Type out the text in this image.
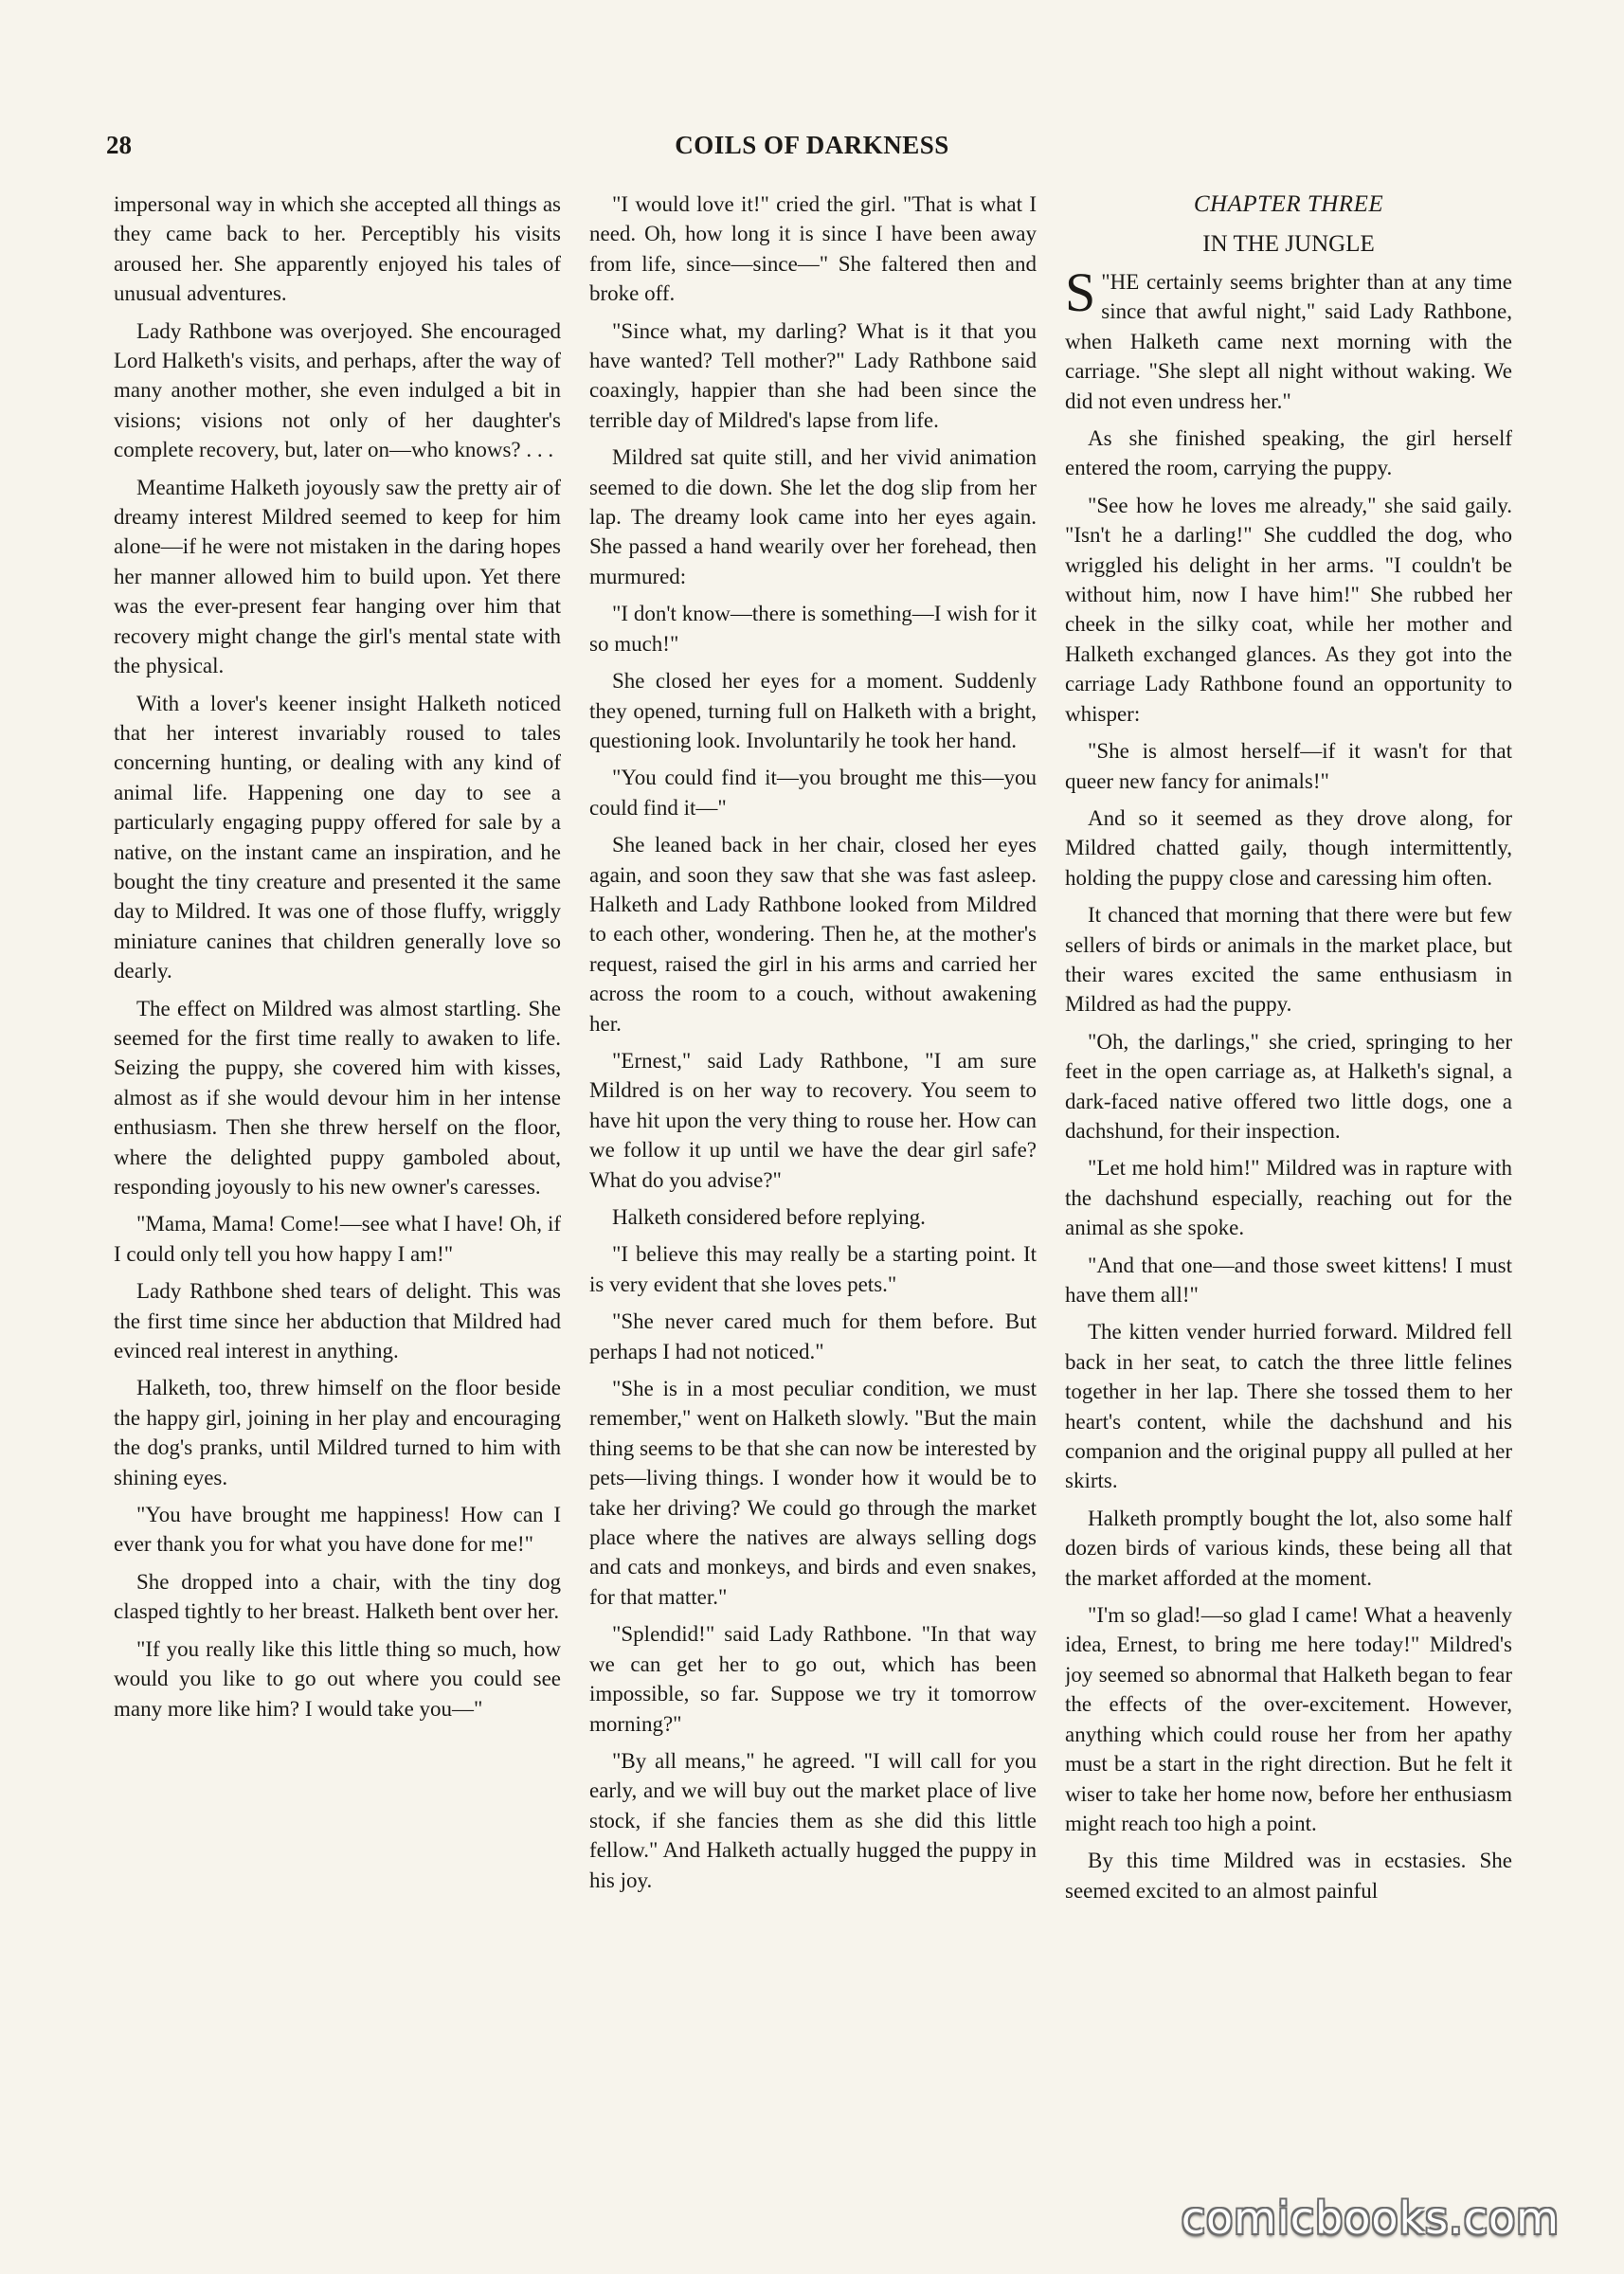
28	COILS OF DARKNESS

impersonal way in which she accepted all things as they came back to her. Perceptibly his visits aroused her. She apparently enjoyed his tales of unusual adventures.

Lady Rathbone was overjoyed. She encouraged Lord Halketh's visits, and perhaps, after the way of many another mother, she even indulged a bit in visions; visions not only of her daughter's complete recovery, but, later on—who knows? . . .

Meantime Halketh joyously saw the pretty air of dreamy interest Mildred seemed to keep for him alone—if he were not mistaken in the daring hopes her manner allowed him to build upon. Yet there was the ever-present fear hanging over him that recovery might change the girl's mental state with the physical.

With a lover's keener insight Halketh noticed that her interest invariably roused to tales concerning hunting, or dealing with any kind of animal life. Happening one day to see a particularly engaging puppy offered for sale by a native, on the instant came an inspiration, and he bought the tiny creature and presented it the same day to Mildred. It was one of those fluffy, wriggly miniature canines that children generally love so dearly.

The effect on Mildred was almost startling. She seemed for the first time really to awaken to life. Seizing the puppy, she covered him with kisses, almost as if she would devour him in her intense enthusiasm. Then she threw herself on the floor, where the delighted puppy gamboled about, responding joyously to his new owner's caresses.

"Mama, Mama! Come!—see what I have! Oh, if I could only tell you how happy I am!"

Lady Rathbone shed tears of delight. This was the first time since her abduction that Mildred had evinced real interest in anything.

Halketh, too, threw himself on the floor beside the happy girl, joining in her play and encouraging the dog's pranks, until Mildred turned to him with shining eyes.

"You have brought me happiness! How can I ever thank you for what you have done for me!"

She dropped into a chair, with the tiny dog clasped tightly to her breast. Halketh bent over her.

"If you really like this little thing so much, how would you like to go out where you could see many more like him? I would take you—"

"I would love it!" cried the girl. "That is what I need. Oh, how long it is since I have been away from life, since—since—" She faltered then and broke off.

"Since what, my darling? What is it that you have wanted? Tell mother?" Lady Rathbone said coaxingly, happier than she had been since the terrible day of Mildred's lapse from life.

Mildred sat quite still, and her vivid animation seemed to die down. She let the dog slip from her lap. The dreamy look came into her eyes again. She passed a hand wearily over her forehead, then murmured:

"I don't know—there is something—I wish for it so much!"

She closed her eyes for a moment. Suddenly they opened, turning full on Halketh with a bright, questioning look. Involuntarily he took her hand.

"You could find it—you brought me this—you could find it—"

She leaned back in her chair, closed her eyes again, and soon they saw that she was fast asleep. Halketh and Lady Rathbone looked from Mildred to each other, wondering. Then he, at the mother's request, raised the girl in his arms and carried her across the room to a couch, without awakening her.

"Ernest," said Lady Rathbone, "I am sure Mildred is on her way to recovery. You seem to have hit upon the very thing to rouse her. How can we follow it up until we have the dear girl safe? What do you advise?"

Halketh considered before replying.

"I believe this may really be a starting point. It is very evident that she loves pets."

"She never cared much for them before. But perhaps I had not noticed."

"She is in a most peculiar condition, we must remember," went on Halketh slowly. "But the main thing seems to be that she can now be interested by pets—living things. I wonder how it would be to take her driving? We could go through the market place where the natives are always selling dogs and cats and monkeys, and birds and even snakes, for that matter."

"Splendid!" said Lady Rathbone. "In that way we can get her to go out, which has been impossible, so far. Suppose we try it tomorrow morning?"

"By all means," he agreed. "I will call for you early, and we will buy out the market place of live stock, if she fancies them as she did this little fellow." And Halketh actually hugged the puppy in his joy.

CHAPTER THREE
IN THE JUNGLE

"
S HE certainly seems brighter than at any time since that awful night," said Lady Rathbone, when Halketh came next morning with the carriage. "She slept all night without waking. We did not even undress her."

As she finished speaking, the girl herself entered the room, carrying the puppy.

"See how he loves me already," she said gaily. "Isn't he a darling!" She cuddled the dog, who wriggled his delight in her arms. "I couldn't be without him, now I have him!" She rubbed her cheek in the silky coat, while her mother and Halketh exchanged glances. As they got into the carriage Lady Rathbone found an opportunity to whisper:

"She is almost herself—if it wasn't for that queer new fancy for animals!"

And so it seemed as they drove along, for Mildred chatted gaily, though intermittently, holding the puppy close and caressing him often.

It chanced that morning that there were but few sellers of birds or animals in the market place, but their wares excited the same enthusiasm in Mildred as had the puppy.

"Oh, the darlings," she cried, springing to her feet in the open carriage as, at Halketh's signal, a dark-faced native offered two little dogs, one a dachshund, for their inspection.

"Let me hold him!" Mildred was in rapture with the dachshund especially, reaching out for the animal as she spoke.

"And that one—and those sweet kittens! I must have them all!"

The kitten vender hurried forward. Mildred fell back in her seat, to catch the three little felines together in her lap. There she tossed them to her heart's content, while the dachshund and his companion and the original puppy all pulled at her skirts.

Halketh promptly bought the lot, also some half dozen birds of various kinds, these being all that the market afforded at the moment.

"I'm so glad!—so glad I came! What a heavenly idea, Ernest, to bring me here today!" Mildred's joy seemed so abnormal that Halketh began to fear the effects of the over-excitement. However, anything which could rouse her from her apathy must be a start in the right direction. But he felt it wiser to take her home now, before her enthusiasm might reach too high a point.

By this time Mildred was in ecstasies. She seemed excited to an almost painful

comicbooks.com
